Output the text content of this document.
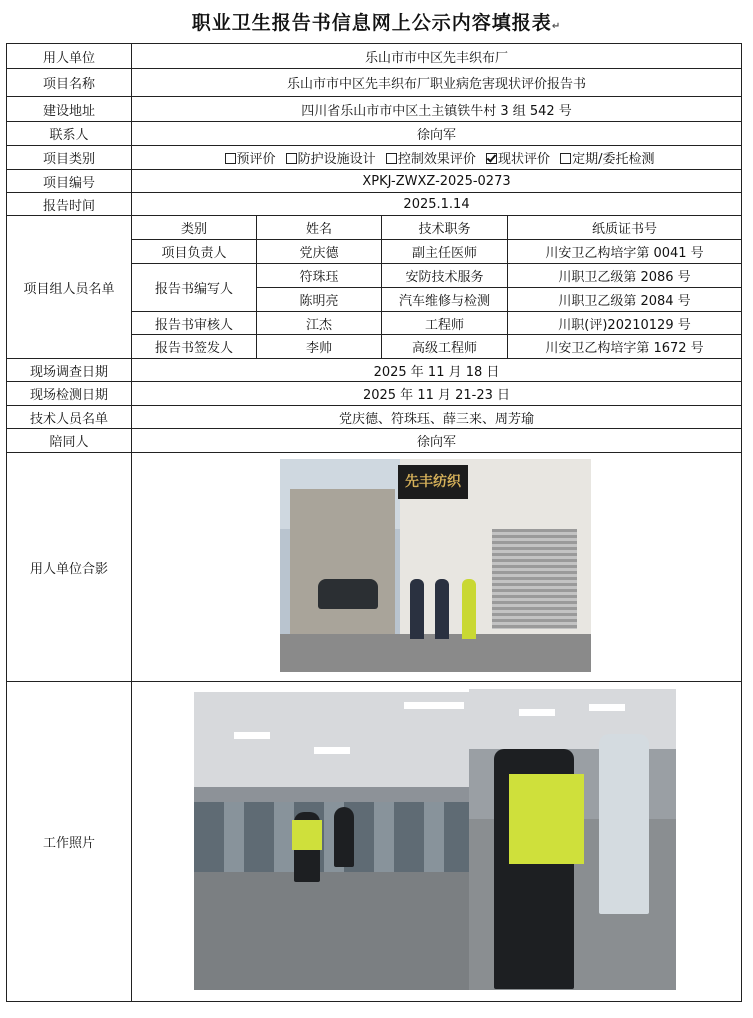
职业卫生报告书信息网上公示内容填报表↵
用人单位	乐山市市中区先丰织布厂			
项目名称	乐山市市中区先丰织布厂职业病危害现状评价报告书			
建设地址	四川省乐山市市中区土主镇铁牛村 3 组 542 号			
联系人	徐向军			
项目类别	预评价 防护设施设计 控制效果评价 现状评价 定期/委托检测			
项目编号	XPKJ-ZWXZ-2025-0273			
报告时间	2025.1.14			
项目组人员名单	类别	姓名	技术职务	纸质证书号
	项目负责人	党庆德	副主任医师	川安卫乙构培字第 0041 号
	报告书编写人	符珠珏	安防技术服务	川职卫乙级第 2086 号
		陈明亮	汽车维修与检测	川职卫乙级第 2084 号
	报告书审核人	江杰	工程师	川职(评)20210129 号
	报告书签发人	李帅	高级工程师	川安卫乙构培字第 1672 号
现场调查日期	2025 年 11 月 18 日			
现场检测日期	2025 年 11 月 21-23 日			
技术人员名单	党庆德、符珠珏、薛三来、周芳瑜			
陪同人	徐向军			
用人单位合影	先丰纺织			

工作照片				
